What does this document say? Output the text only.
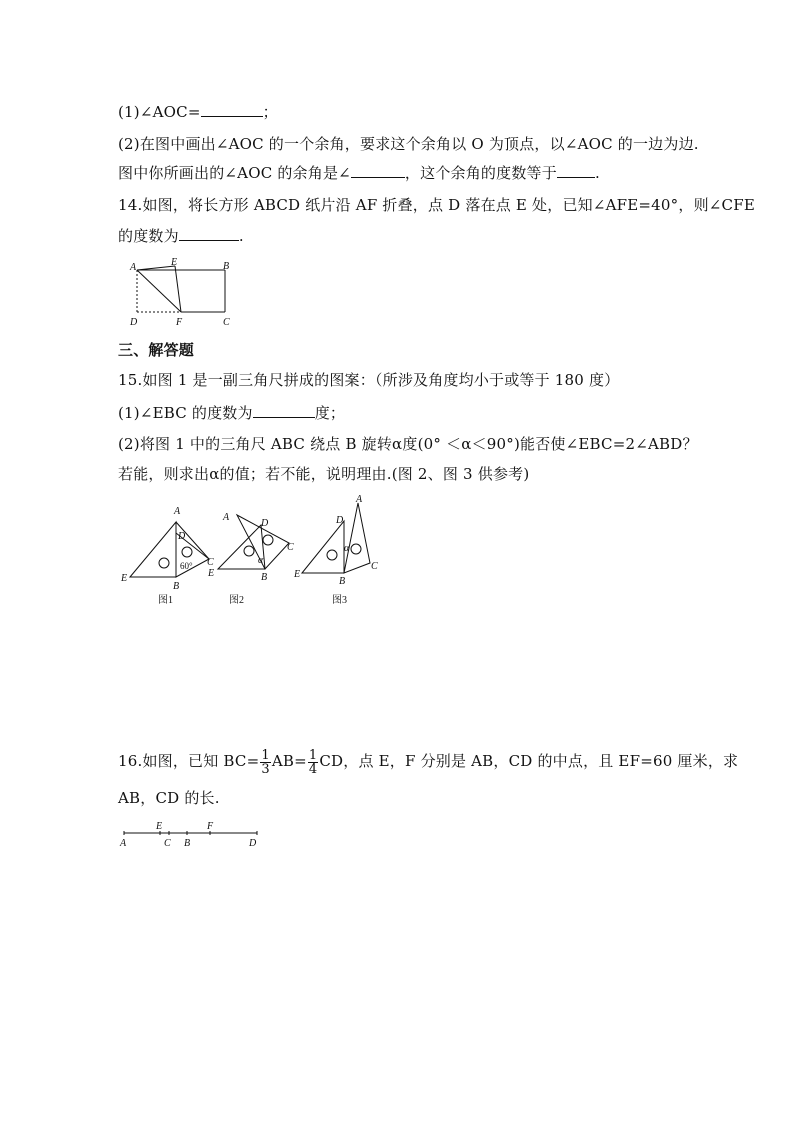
(1)∠AOC=	；
(2)在图中画出∠AOC 的一个余角，要求这个余角以 O 为顶点，以∠AOC 的一边为边.
图中你所画出的∠AOC 的余角是∠	，这个余角的度数等于	.
14.如图，将长方形 ABCD 纸片沿 AF 折叠，点 D 落在点 E 处，已知∠AFE=40°，则∠CFE
的度数为	.
A	E	B
D	F	C
三、解答题
15.如图 1 是一副三角尺拼成的图案：（所涉及角度均小于或等于 180 度）
(1)∠EBC 的度数为	度；
(2)将图 1 中的三角尺 ABC 绕点 B 旋转α度(0° ＜α＜90°)能否使∠EBC=2∠ABD？
若能，则求出α的值；若不能，说明理由.(图 2、图 3 供参考)
A
D
C
E
B
60°
图1
A
D
C
E	B
α
图2
A
D
C
E
B
α
图3
16.如图，已知 $BC= \frac{1}{3} AB= \frac{1}{4}$ CD，点 E，F 分别是 AB，CD 的中点，且 EF=60 厘米，求
AB，CD 的长.
A
E
C B
F
D
